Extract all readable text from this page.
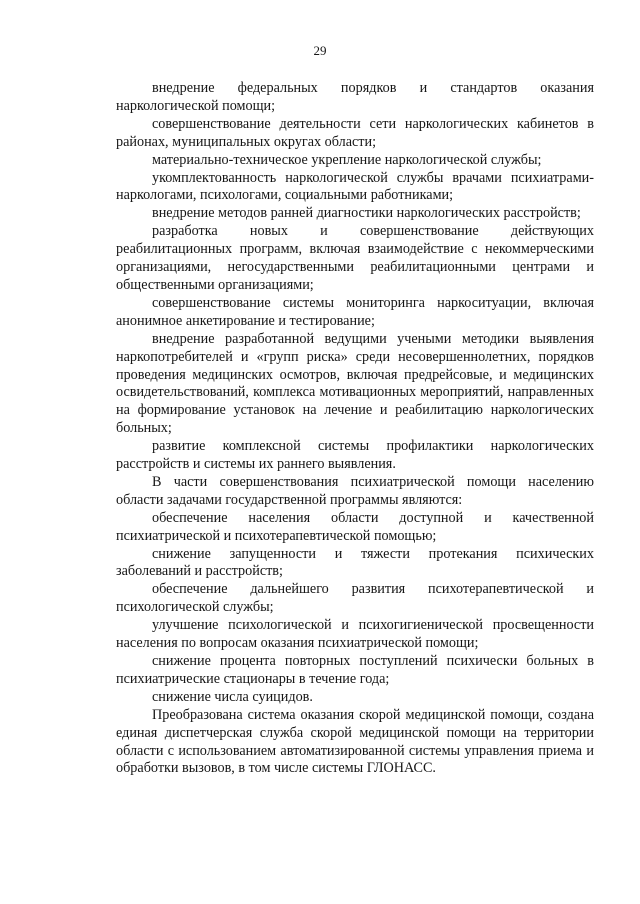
29

внедрение федеральных порядков и стандартов оказания наркологической помощи;

совершенствование деятельности сети наркологических кабинетов в районах, муниципальных округах области;

материально-техническое укрепление наркологической службы;

укомплектованность наркологической службы врачами психиатрами-наркологами, психологами, социальными работниками;

внедрение методов ранней диагностики наркологических расстройств;

разработка новых и совершенствование действующих реабилитационных программ, включая взаимодействие с некоммерческими организациями, негосударственными реабилитационными центрами и общественными организациями;

совершенствование системы мониторинга наркоситуации, включая анонимное анкетирование и тестирование;

внедрение разработанной ведущими учеными методики выявления наркопотребителей и «групп риска» среди несовершеннолетних, порядков проведения медицинских осмотров, включая предрейсовые, и медицинских освидетельствований, комплекса мотивационных мероприятий, направленных на формирование установок на лечение и реабилитацию наркологических больных;

развитие комплексной системы профилактики наркологических расстройств и системы их раннего выявления.

В части совершенствования психиатрической помощи населению области задачами государственной программы являются:

обеспечение населения области доступной и качественной психиатрической и психотерапевтической помощью;

снижение запущенности и тяжести протекания психических заболеваний и расстройств;

обеспечение дальнейшего развития психотерапевтической и психологической службы;

улучшение психологической и психогигиенической просвещенности населения по вопросам оказания психиатрической помощи;

снижение процента повторных поступлений психически больных в психиатрические стационары в течение года;

снижение числа суицидов.

Преобразована система оказания скорой медицинской помощи, создана единая диспетчерская служба скорой медицинской помощи на территории области с использованием автоматизированной системы управления приема и обработки вызовов, в том числе системы ГЛОНАСС.
